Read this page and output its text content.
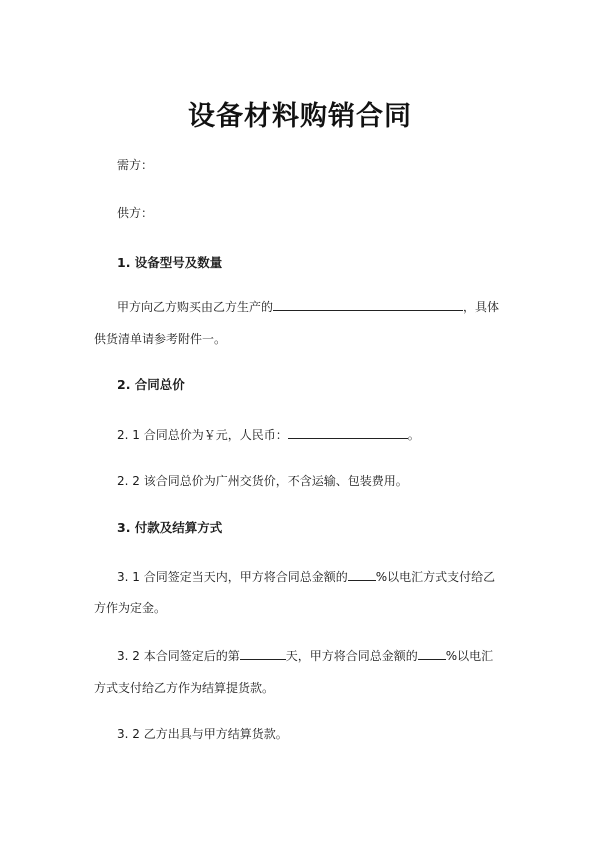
设备材料购销合同
需方：
供方：
1. 设备型号及数量
甲方向乙方购买由乙方生产的	，具体
供货清单请参考附件一。
2. 合同总价
2. 1 合同总价为￥元，人民币：	。
2. 2 该合同总价为广州交货价，不含运输、包装费用。
3. 付款及结算方式
3. 1 合同签定当天内，甲方将合同总金额的 %以电汇方式支付给乙
方作为定金。
3. 2 本合同签定后的第	天，甲方将合同总金额的 %以电汇
方式支付给乙方作为结算提货款。
3. 2 乙方出具与甲方结算货款。
